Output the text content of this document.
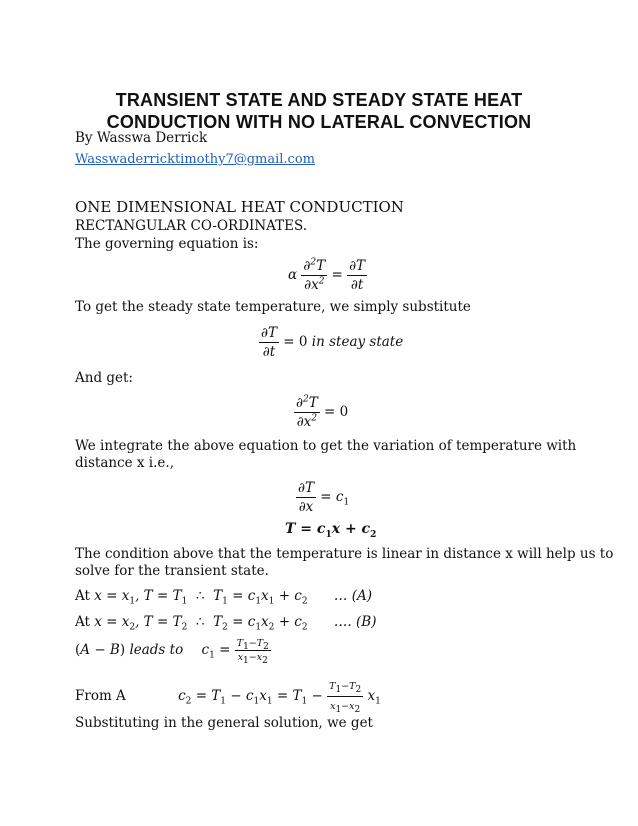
TRANSIENT STATE AND STEADY STATE HEAT
CONDUCTION WITH NO LATERAL CONVECTION
By Wasswa Derrick
Wasswaderricktimothy7@gmail.com
ONE DIMENSIONAL HEAT CONDUCTION
RECTANGULAR CO-ORDINATES.
The governing equation is:
α $\frac{\partial^2T}{\partial x^2} = \frac{\partial T}{\partial t}$
To get the steady state temperature, we simply substitute
$\frac{\partial T}{\partial t} = 0$ in steay state
And get:
$\frac{\partial^2T}{\partial x^2} = 0$
We integrate the above equation to get the variation of temperature with
distance x i.e.,
$\frac{\partial T}{\partial x} = c_1$
$T = c_1x + c_2$
The condition above that the temperature is linear in distance x will help us to
solve for the transient state.
At $x = x_1$, $T = T_1$  ∴  $T_1 = c_1x_1 + c_2$ … (A)
At $x = x_2$, $T = T_2$  ∴  $T_2 = c_1x_2 + c_2$ …. (B)
(A − B) leads to $c_1 = \frac{T_1-T_2}{x_1-x_2}$
From A	$c_2 = T_1 - c_1x_1 = T_1 - \frac{T_1-T_2}{x_1-x_2} x_1$
Substituting in the general solution, we get
